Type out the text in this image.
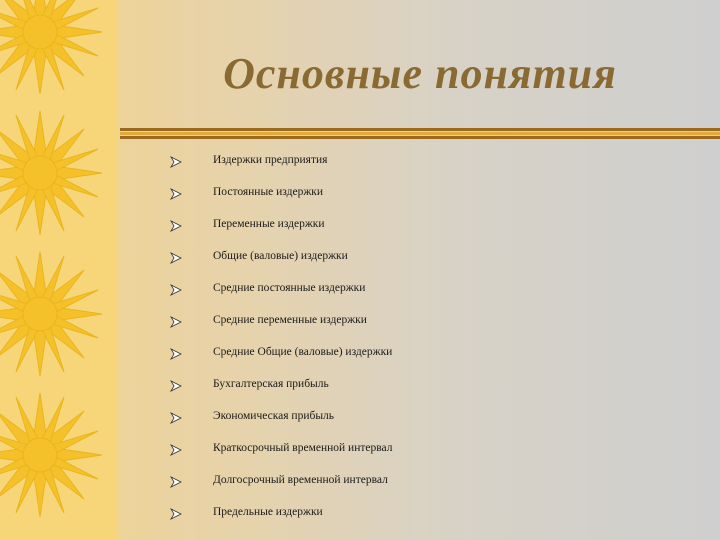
Основные понятия
Издержки предприятия
Постоянные издержки
Переменные издержки
Общие (валовые) издержки
Средние постоянные издержки
Средние переменные издержки
Средние Общие (валовые) издержки
Бухгалтерская прибыль
Экономическая прибыль
Краткосрочный временной интервал
Долгосрочный временной интервал
Предельные издержки
